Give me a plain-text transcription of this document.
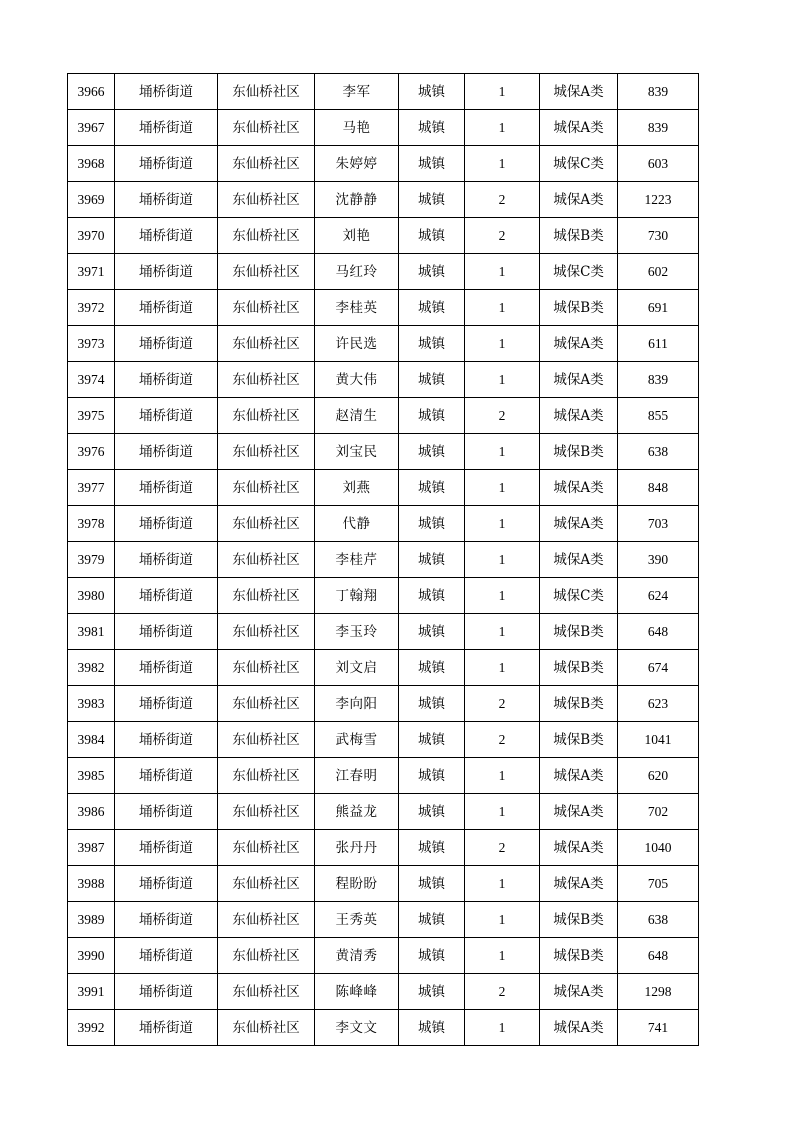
3966	埇桥街道	东仙桥社区	李军	城镇	1	城保A类	839
3967	埇桥街道	东仙桥社区	马艳	城镇	1	城保A类	839
3968	埇桥街道	东仙桥社区	朱婷婷	城镇	1	城保C类	603
3969	埇桥街道	东仙桥社区	沈静静	城镇	2	城保A类	1223
3970	埇桥街道	东仙桥社区	刘艳	城镇	2	城保B类	730
3971	埇桥街道	东仙桥社区	马红玲	城镇	1	城保C类	602
3972	埇桥街道	东仙桥社区	李桂英	城镇	1	城保B类	691
3973	埇桥街道	东仙桥社区	许民选	城镇	1	城保A类	611
3974	埇桥街道	东仙桥社区	黄大伟	城镇	1	城保A类	839
3975	埇桥街道	东仙桥社区	赵清生	城镇	2	城保A类	855
3976	埇桥街道	东仙桥社区	刘宝民	城镇	1	城保B类	638
3977	埇桥街道	东仙桥社区	刘燕	城镇	1	城保A类	848
3978	埇桥街道	东仙桥社区	代静	城镇	1	城保A类	703
3979	埇桥街道	东仙桥社区	李桂芹	城镇	1	城保A类	390
3980	埇桥街道	东仙桥社区	丁翰翔	城镇	1	城保C类	624
3981	埇桥街道	东仙桥社区	李玉玲	城镇	1	城保B类	648
3982	埇桥街道	东仙桥社区	刘文启	城镇	1	城保B类	674
3983	埇桥街道	东仙桥社区	李向阳	城镇	2	城保B类	623
3984	埇桥街道	东仙桥社区	武梅雪	城镇	2	城保B类	1041
3985	埇桥街道	东仙桥社区	江春明	城镇	1	城保A类	620
3986	埇桥街道	东仙桥社区	熊益龙	城镇	1	城保A类	702
3987	埇桥街道	东仙桥社区	张丹丹	城镇	2	城保A类	1040
3988	埇桥街道	东仙桥社区	程盼盼	城镇	1	城保A类	705
3989	埇桥街道	东仙桥社区	王秀英	城镇	1	城保B类	638
3990	埇桥街道	东仙桥社区	黄清秀	城镇	1	城保B类	648
3991	埇桥街道	东仙桥社区	陈峰峰	城镇	2	城保A类	1298
3992	埇桥街道	东仙桥社区	李文文	城镇	1	城保A类	741
